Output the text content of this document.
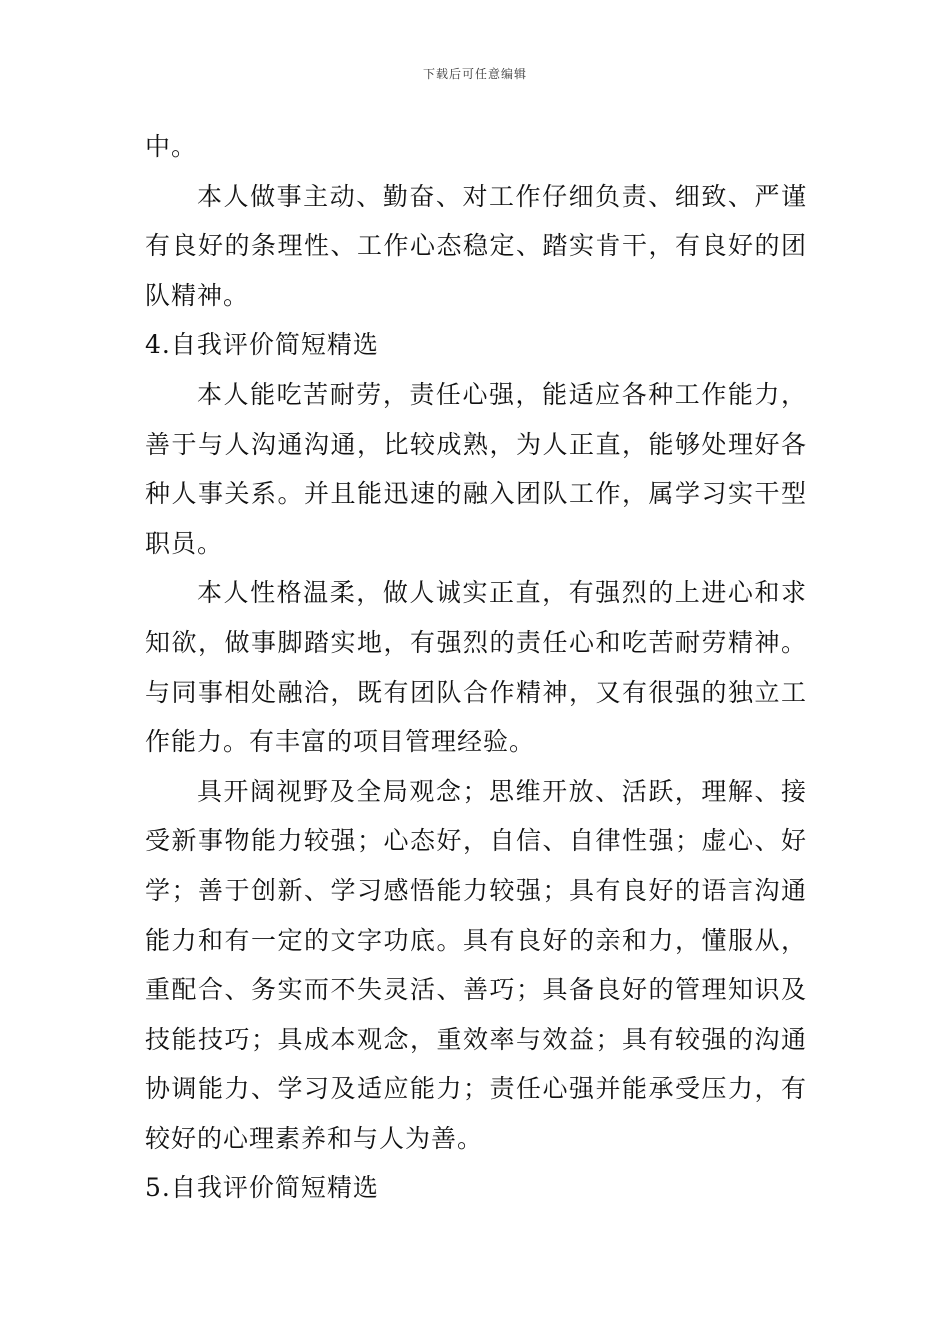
下载后可任意编辑

中。

本人做事主动、勤奋、对工作仔细负责、细致、严谨有良好的条理性、工作心态稳定、踏实肯干，有良好的团队精神。

4.自我评价简短精选

本人能吃苦耐劳，责任心强，能适应各种工作能力，善于与人沟通沟通，比较成熟，为人正直，能够处理好各种人事关系。并且能迅速的融入团队工作，属学习实干型职员。

本人性格温柔，做人诚实正直，有强烈的上进心和求知欲，做事脚踏实地，有强烈的责任心和吃苦耐劳精神。与同事相处融洽，既有团队合作精神，又有很强的独立工作能力。有丰富的项目管理经验。

具开阔视野及全局观念；思维开放、活跃，理解、接受新事物能力较强；心态好，自信、自律性强；虚心、好学；善于创新、学习感悟能力较强；具有良好的语言沟通能力和有一定的文字功底。具有良好的亲和力，懂服从，重配合、务实而不失灵活、善巧；具备良好的管理知识及技能技巧；具成本观念，重效率与效益；具有较强的沟通协调能力、学习及适应能力；责任心强并能承受压力，有较好的心理素养和与人为善。

5.自我评价简短精选
